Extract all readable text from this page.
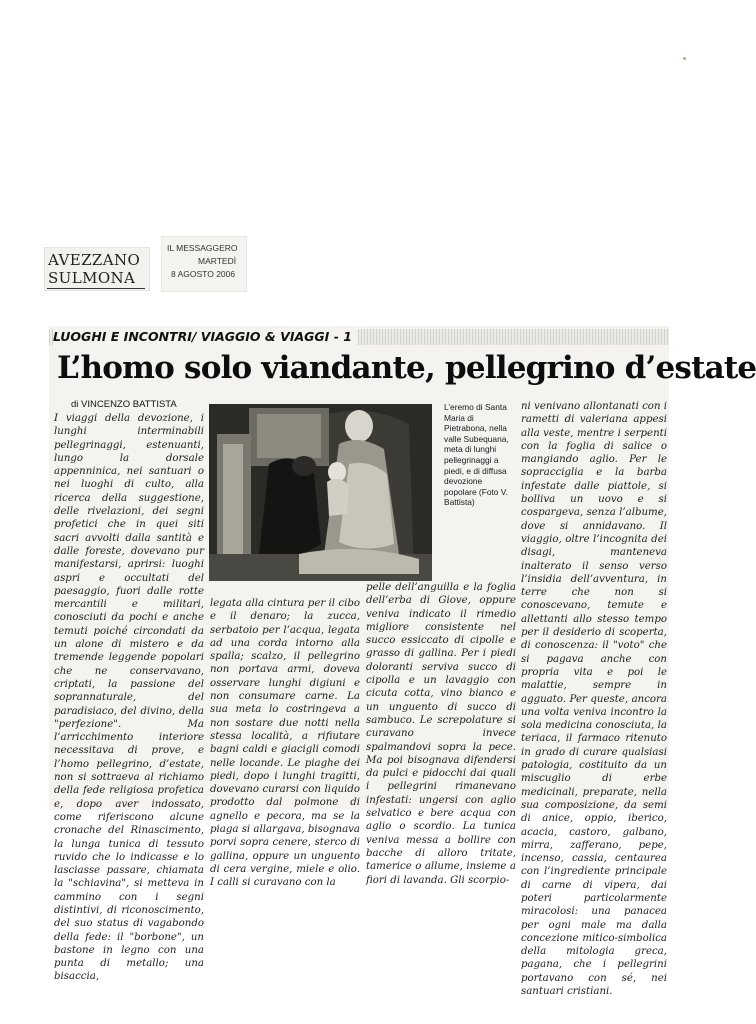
AVEZZANO
SULMONA
IL MESSAGGERO
MARTEDÌ
8 AGOSTO 2006
LUOGHI E INCONTRI/ VIAGGIO & VIAGGI - 1
L’homo solo viandante, pellegrino d’estate
di VINCENZO BATTISTA
I viaggi della devozione, i lunghi interminabili pellegrinaggi, estenuanti, lungo la dorsale appenninica, nei santuari o nei luoghi di culto, alla ricerca della suggestione, delle rivelazioni, dei segni profetici che in quei siti sacri avvolti dalla santità e dalle foreste, dovevano pur manifestarsi, aprirsi: luoghi aspri e occultati del paesaggio, fuori dalle rotte mercantili e militari, conosciuti da pochi e anche temuti poiché circondati da un alone di mistero e da tremende leggende popolari che ne conservavano, criptati, la passione del soprannaturale, del paradisiaco, del divino, della "perfezione". Ma l’arricchimento interiore necessitava di prove, e l’homo pellegrino, d’estate, non si sottraeva al richiamo della fede religiosa profetica e, dopo aver indossato, come riferiscono alcune cronache del Rinascimento, la lunga tunica di tessuto ruvido che lo indicasse e lo lasciasse passare, chiamata la "schiavina", si metteva in cammino con i segni distintivi, di riconoscimento, del suo status di vagabondo della fede: il "borbone", un bastone in legno con una punta di metallo; una bisaccia,
L’eremo di Santa Maria di Pietrabona, nella valle Subequana, meta di lunghi pellegrinaggi a piedi, e di diffusa devozione popolare (Foto V. Battista)
legata alla cintura per il cibo e il denaro; la zucca, serbatoio per l’acqua, legata ad una corda intorno alla spalla; scalzo, il pellegrino non portava armi, doveva osservare lunghi digiuni e non consumare carne. La sua meta lo costringeva a non sostare due notti nella stessa località, a rifiutare bagni caldi e giacigli comodi nelle locande. Le piaghe dei piedi, dopo i lunghi tragitti, dovevano curarsi con liquido prodotto dal polmone di agnello e pecora, ma se la piaga si allargava, bisognava porvi sopra cenere, sterco di gallina, oppure un unguento di cera vergine, miele e olio. I calli si curavano con la
pelle dell’anguilla e la foglia dell’erba di Giove, oppure veniva indicato il rimedio migliore consistente nel succo essiccato di cipolle e grasso di gallina. Per i piedi doloranti serviva succo di cipolla e un lavaggio con cicuta cotta, vino bianco e un unguento di succo di sambuco. Le screpolature si curavano invece spalmandovi sopra la pece. Ma poi bisognava difendersi da pulci e pidocchi dai quali i pellegrini rimanevano infestati: ungersi con aglio selvatico e bere acqua con aglio o scordio. La tunica veniva messa a bollire con bacche di alloro tritate, tamerice o allume, insieme a fiori di lavanda. Gli scorpio-
ni venivano allontanati con i rametti di valeriana appesi alla veste, mentre i serpenti con la foglia di salice o mangiando aglio. Per le sopracciglia e la barba infestate dalle piattole, si bolliva un uovo e si cospargeva, senza l’albume, dove si annidavano. Il viaggio, oltre l’incognita dei disagi, manteneva inalterato il senso verso l’insidia dell’avventura, in terre che non si conoscevano, temute e allettanti allo stesso tempo per il desiderio di scoperta, di conoscenza: il "voto" che si pagava anche con propria vita e poi le malattie, sempre in agguato. Per queste, ancora una volta veniva incontro la sola medicina conosciuta, la teriaca, il farmaco ritenuto in grado di curare qualsiasi patologia, costituito da un miscuglio di erbe medicinali, preparate, nella sua composizione, da semi di anice, oppio, iberico, acacia, castoro, galbano, mirra, zafferano, pepe, incenso, cassia, centaurea con l’ingrediente principale di carne di vipera, dai poteri particolarmente miracolosi: una panacea per ogni male ma dalla concezione mitico-simbolica della mitologia greca, pagana, che i pellegrini portavano con sé, nei santuari cristiani.
